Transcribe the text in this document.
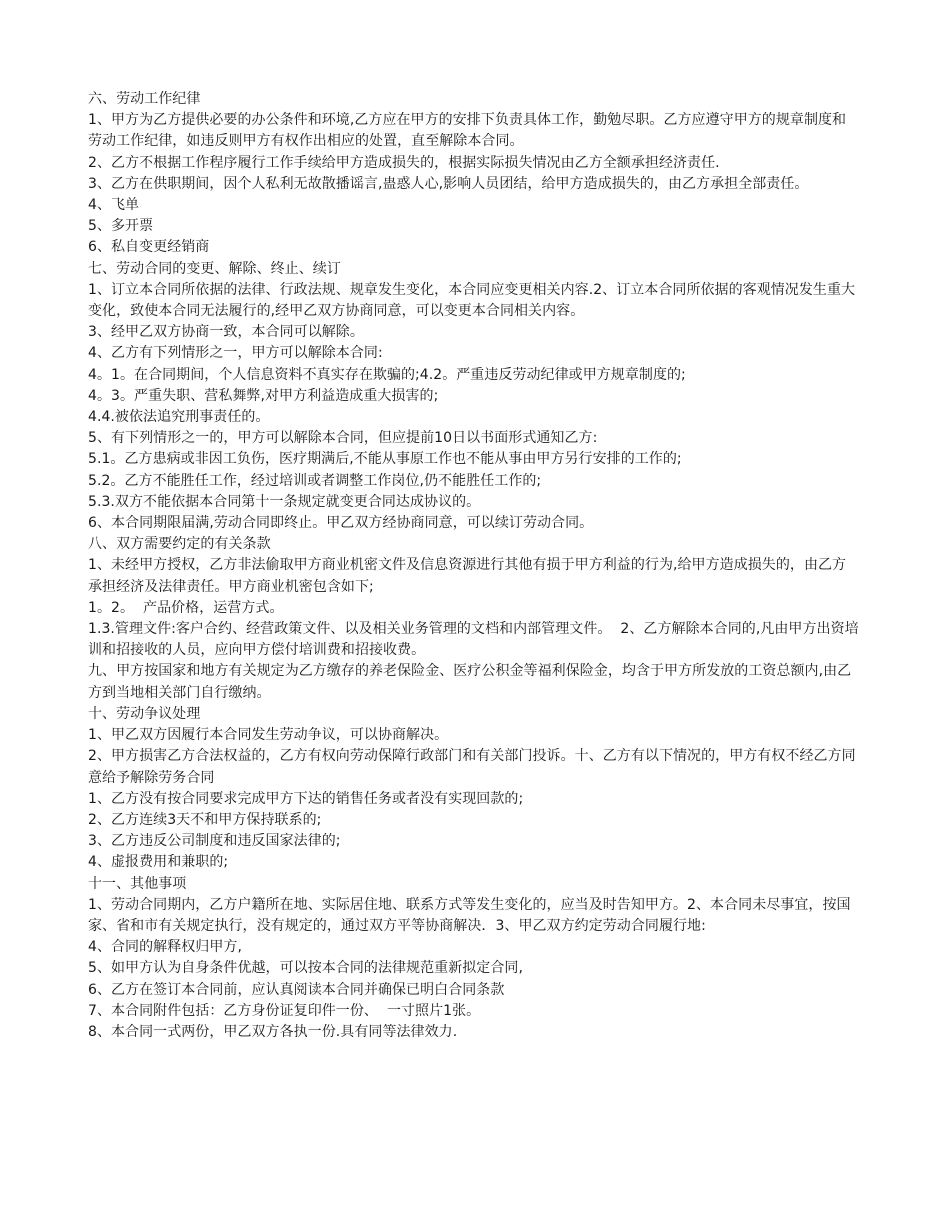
六、劳动工作纪律

1、甲方为乙方提供必要的办公条件和环境,乙方应在甲方的安排下负责具体工作，勤勉尽职。乙方应遵守甲方的规章制度和劳动工作纪律，如违反则甲方有权作出相应的处置，直至解除本合同。

2、乙方不根据工作程序履行工作手续给甲方造成损失的，根据实际损失情况由乙方全额承担经济责任.

3、乙方在供职期间，因个人私利无故散播谣言,蛊惑人心,影响人员团结，给甲方造成损失的，由乙方承担全部责任。

4、飞单

5、多开票

6、私自变更经销商

七、劳动合同的变更、解除、终止、续订

1、订立本合同所依据的法律、行政法规、规章发生变化，本合同应变更相关内容.2、订立本合同所依据的客观情况发生重大变化，致使本合同无法履行的,经甲乙双方协商同意，可以变更本合同相关内容。

3、经甲乙双方协商一致，本合同可以解除。

4、乙方有下列情形之一，甲方可以解除本合同:

4。1。在合同期间，个人信息资料不真实存在欺骗的;4.2。严重违反劳动纪律或甲方规章制度的;

4。3。严重失职、营私舞弊,对甲方利益造成重大损害的;

4.4.被依法追究刑事责任的。

5、有下列情形之一的，甲方可以解除本合同，但应提前10日以书面形式通知乙方:

5.1。乙方患病或非因工负伤，医疗期满后,不能从事原工作也不能从事由甲方另行安排的工作的;

5.2。乙方不能胜任工作，经过培训或者调整工作岗位,仍不能胜任工作的;

5.3.双方不能依据本合同第十一条规定就变更合同达成协议的。

6、本合同期限届满,劳动合同即终止。甲乙双方经协商同意，可以续订劳动合同。

八、双方需要约定的有关条款

1、未经甲方授权，乙方非法偷取甲方商业机密文件及信息资源进行其他有损于甲方利益的行为,给甲方造成损失的，由乙方承担经济及法律责任。甲方商业机密包含如下;

1。2。  产品价格，运营方式。

1.3.管理文件:客户合约、经营政策文件、以及相关业务管理的文档和内部管理文件。  2、乙方解除本合同的,凡由甲方出资培训和招接收的人员，应向甲方偿付培训费和招接收费。

九、甲方按国家和地方有关规定为乙方缴存的养老保险金、医疗公积金等福利保险金，均含于甲方所发放的工资总额内,由乙方到当地相关部门自行缴纳。

十、劳动争议处理

1、甲乙双方因履行本合同发生劳动争议，可以协商解决。

2、甲方损害乙方合法权益的，乙方有权向劳动保障行政部门和有关部门投诉。十、乙方有以下情况的，甲方有权不经乙方同意给予解除劳务合同

1、乙方没有按合同要求完成甲方下达的销售任务或者没有实现回款的;

2、乙方连续3天不和甲方保持联系的;

3、乙方违反公司制度和违反国家法律的;

4、虚报费用和兼职的;

十一、其他事项

1、劳动合同期内，乙方户籍所在地、实际居住地、联系方式等发生变化的，应当及时告知甲方。2、本合同未尽事宜，按国家、省和市有关规定执行，没有规定的，通过双方平等协商解决．3、甲乙双方约定劳动合同履行地:

4、合同的解释权归甲方,

5、如甲方认为自身条件优越，可以按本合同的法律规范重新拟定合同,

6、乙方在签订本合同前，应认真阅读本合同并确保已明白合同条款

7、本合同附件包括：乙方身份证复印件一份、  一寸照片1张。

8、本合同一式两份，甲乙双方各执一份.具有同等法律效力.
